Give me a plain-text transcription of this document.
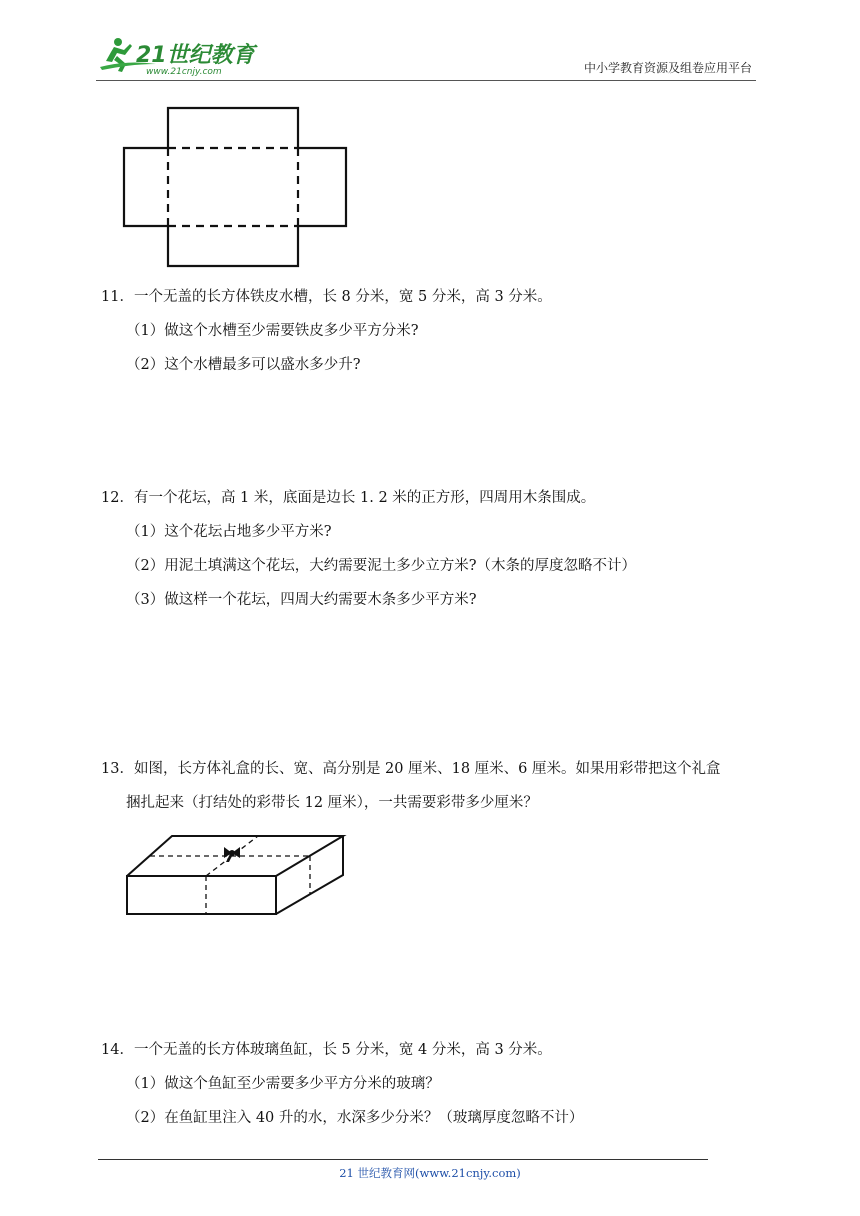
21世纪教育
www.21cnjy.com	中小学教育资源及组卷应用平台
11．一个无盖的长方体铁皮水槽，长 8 分米，宽 5 分米，高 3 分米。
（1）做这个水槽至少需要铁皮多少平方分米?
（2）这个水槽最多可以盛水多少升?
12．有一个花坛，高 1 米，底面是边长 1. 2 米的正方形，四周用木条围成。
（1）这个花坛占地多少平方米?
（2）用泥土填满这个花坛，大约需要泥土多少立方米?（木条的厚度忽略不计）
（3）做这样一个花坛，四周大约需要木条多少平方米?
13．如图，长方体礼盒的长、宽、高分别是 20 厘米、18 厘米、6 厘米。如果用彩带把这个礼盒
捆扎起来（打结处的彩带长 12 厘米），一共需要彩带多少厘米？
14．一个无盖的长方体玻璃鱼缸，长 5 分米，宽 4 分米，高 3 分米。
（1）做这个鱼缸至少需要多少平方分米的玻璃？
（2）在鱼缸里注入 40 升的水，水深多少分米？（玻璃厚度忽略不计）
21 世纪教育网(www.21cnjy.com)
